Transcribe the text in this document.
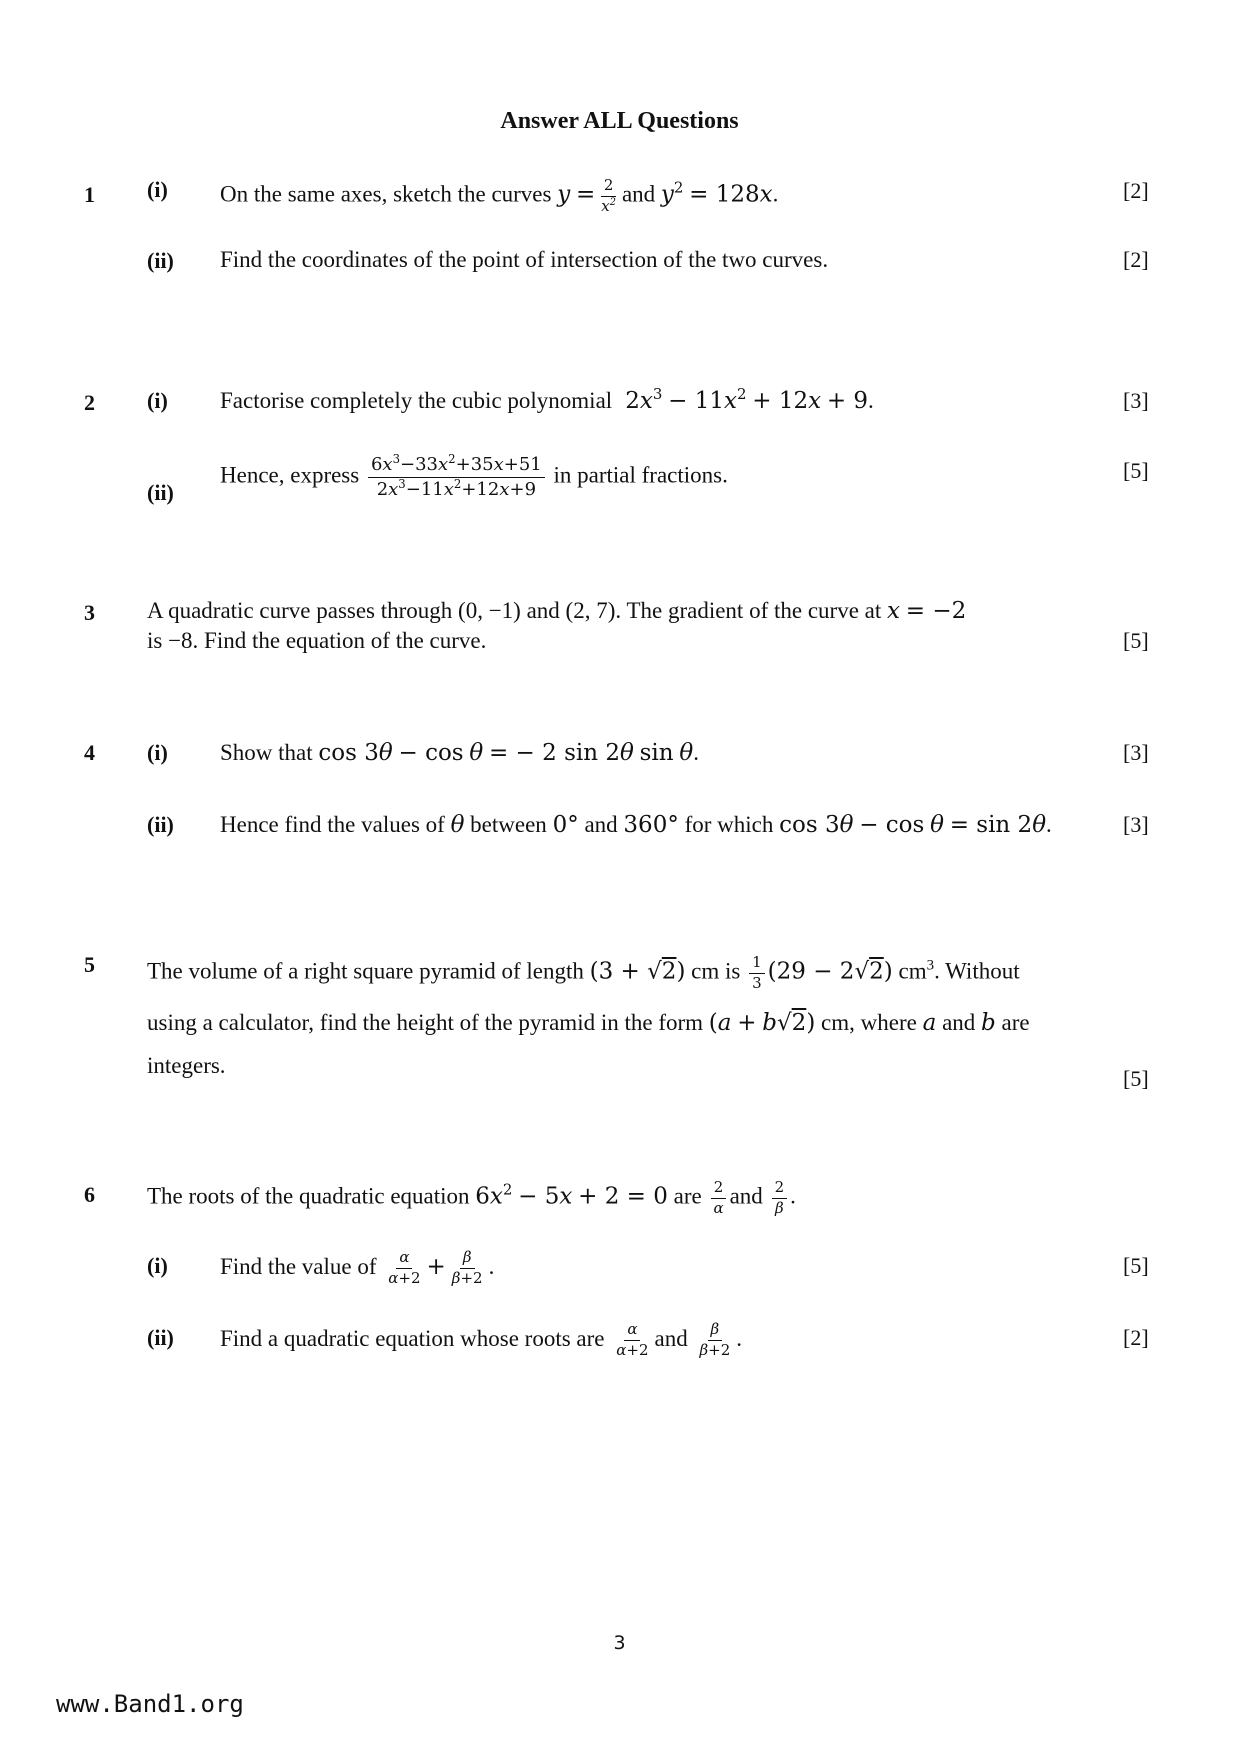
Answer ALL Questions
1 (i) On the same axes, sketch the curves $y = \frac{2}{x^2}$ and $y^2 = 128x$.	[2]
(ii) Find the coordinates of the point of intersection of the two curves.	[2]
2 (i) Factorise completely the cubic polynomial  $2x^3 - 11x^2 + 12x + 9$.	[3]
(ii)
Hence, express $\frac{6x^3-33x^2+35x+51}{2x^3-11x^2+12x+9}$ in partial fractions.	[5]
3 A quadratic curve passes through (0, −1) and (2, 7). The gradient of the curve at x = −2
is −8. Find the equation of the curve.	[5]
4 (i) Show that cos 3θ − cos θ = − 2 sin 2θ sin θ.	[3]
(ii) Hence find the values of θ between 0° and 360° for which cos 3θ − cos θ = sin 2θ.	[3]
5 The volume of a right square pyramid of length (3 + √2) cm is $\frac{1}{3} (29 - 2√2)$ $cm^3$. Without
using a calculator, find the height of the pyramid in the form (a + b√2) cm, where a and b are
integers.
[5]
6 The roots of the quadratic equation $6x^2 - 5x + 2 = 0$ are $\frac{2}{\alpha}$ and $\frac{2}{\beta}$ .
(i) Find the value of $\frac{\alpha}{\alpha+2} + \frac{\beta}{\beta+2}$ .	[5]
(ii) Find a quadratic equation whose roots are $\frac{\alpha}{\alpha+2}$ and $\frac{\beta}{\beta+2}$ .	[2]
3
www.Band1.org
